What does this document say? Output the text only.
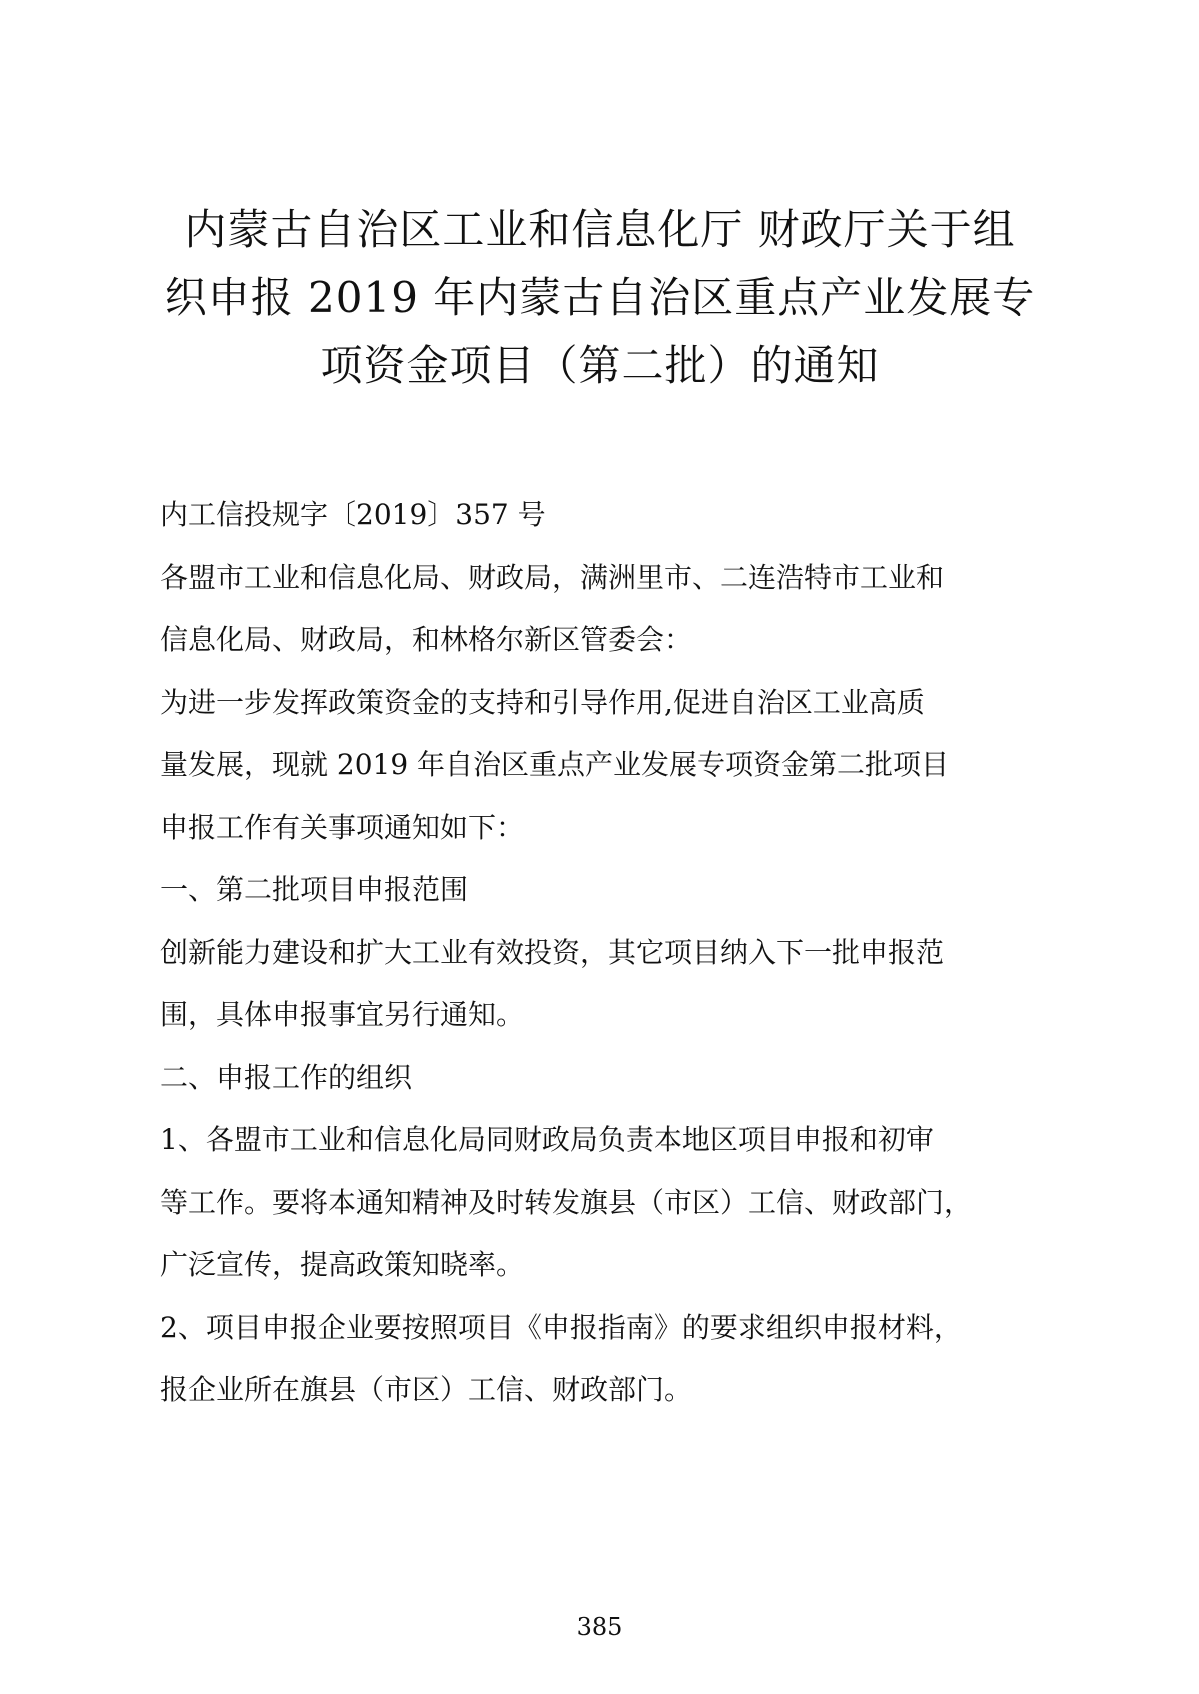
内蒙古自治区工业和信息化厅 财政厅关于组
织申报 2019 年内蒙古自治区重点产业发展专
项资金项目（第二批）的通知

内工信投规字〔2019〕357 号

各盟市工业和信息化局、财政局，满洲里市、二连浩特市工业和

信息化局、财政局，和林格尔新区管委会：

为进一步发挥政策资金的支持和引导作用,促进自治区工业高质

量发展，现就 2019 年自治区重点产业发展专项资金第二批项目

申报工作有关事项通知如下：

一、第二批项目申报范围

创新能力建设和扩大工业有效投资，其它项目纳入下一批申报范

围，具体申报事宜另行通知。

二、申报工作的组织

1、各盟市工业和信息化局同财政局负责本地区项目申报和初审

等工作。要将本通知精神及时转发旗县（市区）工信、财政部门，

广泛宣传，提高政策知晓率。

2、项目申报企业要按照项目《申报指南》的要求组织申报材料，

报企业所在旗县（市区）工信、财政部门。

385
